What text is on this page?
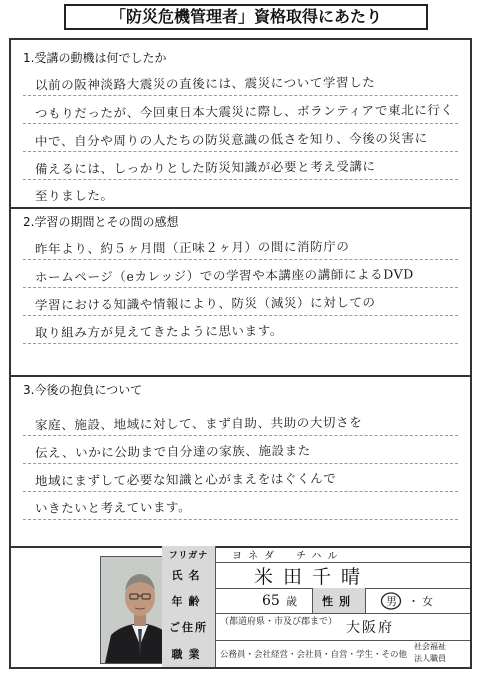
「防災危機管理者」資格取得にあたり
1.受講の動機は何でしたか
以前の阪神淡路大震災の直後には、震災について学習した
つもりだったが、今回東日本大震災に際し、ボランティアで東北に行く
中で、自分や周りの人たちの防災意識の低さを知り、今後の災害に
備えるには、しっかりとした防災知識が必要と考え受講に
至りました。
2.学習の期間とその間の感想
昨年より、約５ヶ月間（正味２ヶ月）の間に消防庁の
ホームページ（eカレッジ）での学習や本講座の講師によるDVD
学習における知識や情報により、防災（減災）に対しての
取り組み方が見えてきたように思います。
3.今後の抱負について
家庭、施設、地域に対して、まず自助、共助の大切さを
伝え、いかに公助まで自分達の家族、施設また
地域にまずして必要な知識と心がまえをはぐくんで
いきたいと考えています。
フリガナ	ヨネダ　チハル
氏名	米田千晴
年齢	65 歳	性別	男 ・ 女
ご住所	（都道府県・市及び郡まで） 大阪府
職業	公務員・会社経営・会社員・自営・学生・その他
社会福祉
法人職員
